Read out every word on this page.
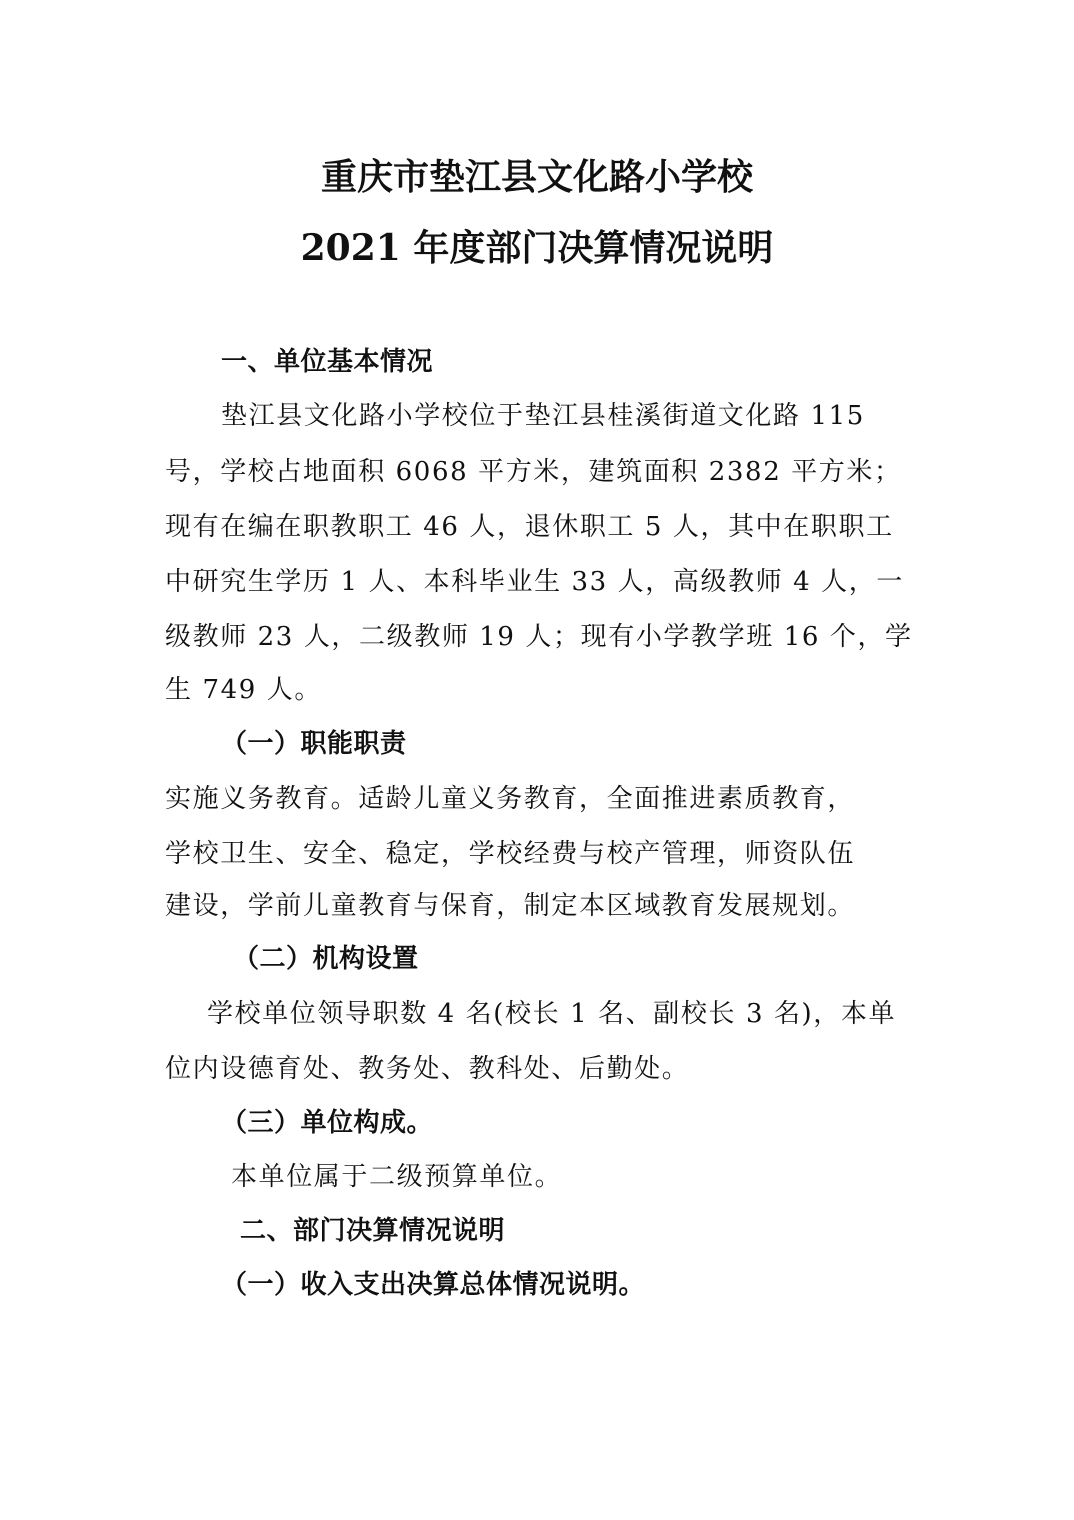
重庆市垫江县文化路小学校
2021 年度部门决算情况说明
一、单位基本情况
垫江县文化路小学校位于垫江县桂溪街道文化路 115
号，学校占地面积 6068 平方米，建筑面积 2382 平方米；
现有在编在职教职工 46 人，退休职工 5 人，其中在职职工
中研究生学历 1 人、本科毕业生 33 人，高级教师 4 人，一
级教师 23 人，二级教师 19 人；现有小学教学班 16 个，学
生 749 人。
（一）职能职责
实施义务教育。适龄儿童义务教育，全面推进素质教育，
学校卫生、安全、稳定，学校经费与校产管理，师资队伍
建设，学前儿童教育与保育，制定本区域教育发展规划。
（二）机构设置
学校单位领导职数 4 名(校长 1 名、副校长 3 名)，本单
位内设德育处、教务处、教科处、后勤处。
（三）单位构成。
本单位属于二级预算单位。
二、部门决算情况说明
（一）收入支出决算总体情况说明。
